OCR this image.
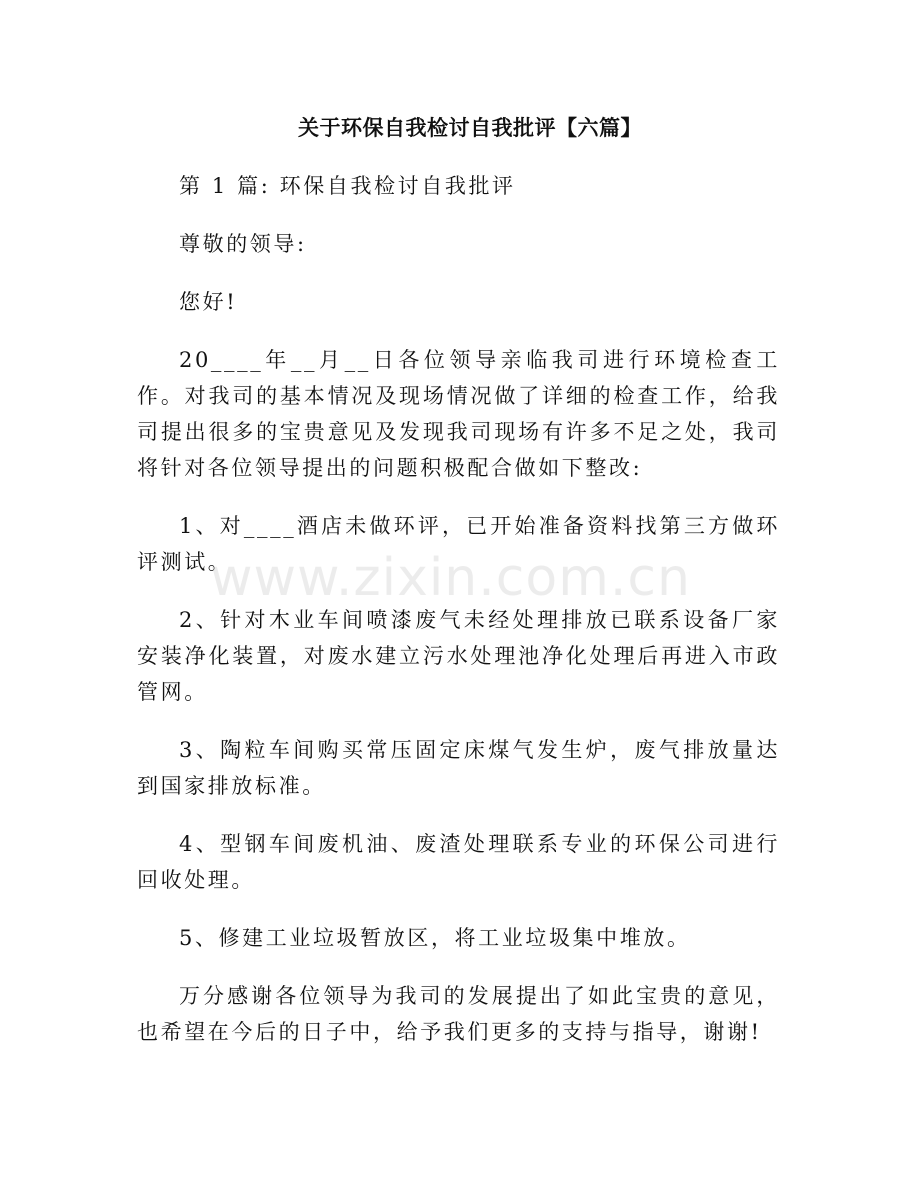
关于环保自我检讨自我批评【六篇】

第 1 篇: 环保自我检讨自我批评

尊敬的领导:

您好!

20____年__月__日各位领导亲临我司进行环境检查工作。对我司的基本情况及现场情况做了详细的检查工作，给我司提出很多的宝贵意见及发现我司现场有许多不足之处，我司将针对各位领导提出的问题积极配合做如下整改:

1、对____酒店未做环评，已开始准备资料找第三方做环评测试。

2、针对木业车间喷漆废气未经处理排放已联系设备厂家安装净化装置，对废水建立污水处理池净化处理后再进入市政管网。

3、陶粒车间购买常压固定床煤气发生炉，废气排放量达到国家排放标准。

4、型钢车间废机油、废渣处理联系专业的环保公司进行回收处理。

5、修建工业垃圾暂放区，将工业垃圾集中堆放。

万分感谢各位领导为我司的发展提出了如此宝贵的意见，也希望在今后的日子中，给予我们更多的支持与指导，谢谢!

www.zixin.com.cn
